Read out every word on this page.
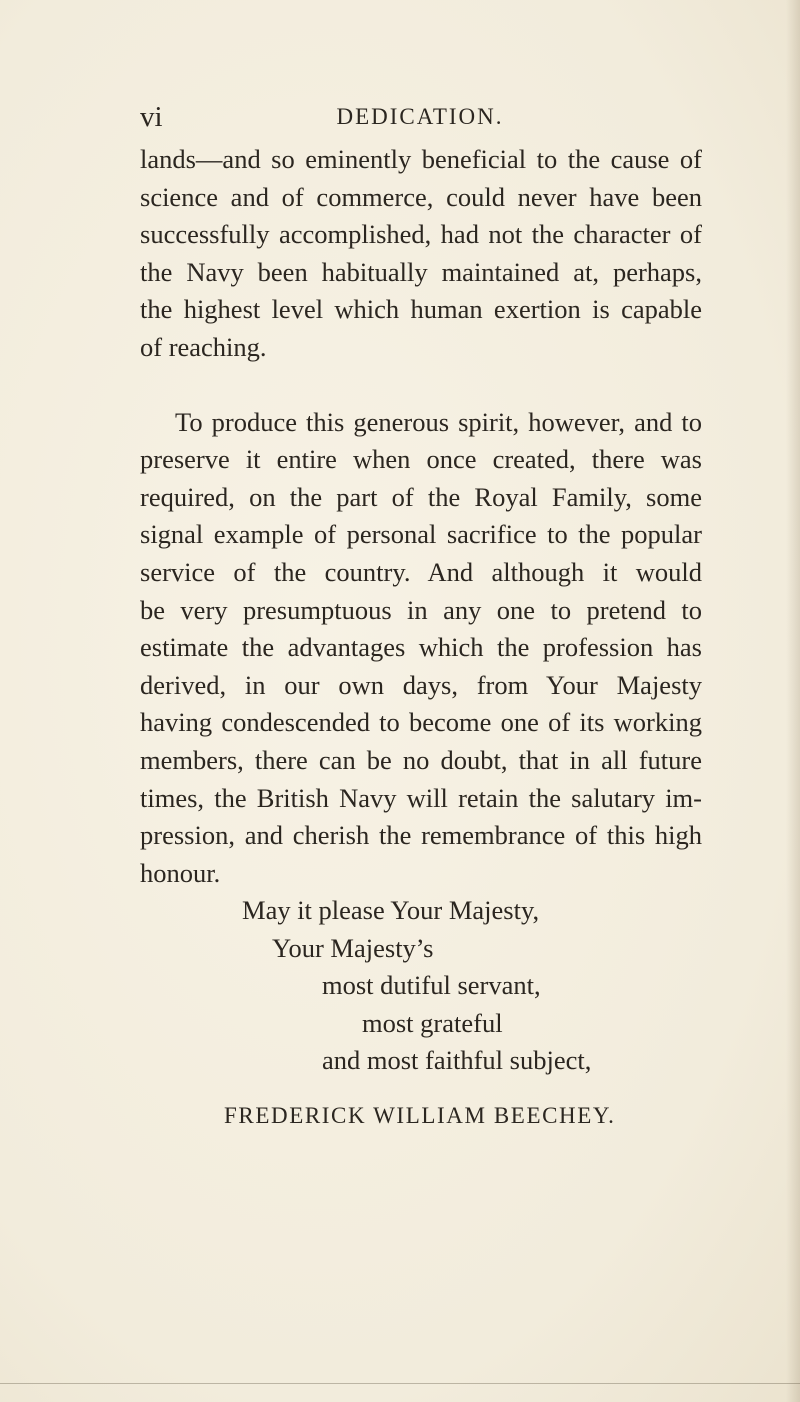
vi	DEDICATION.

lands—and so eminently beneficial to the cause of
science and of commerce, could never have been
successfully accomplished, had not the character of
the Navy been habitually maintained at, perhaps,
the highest level which human exertion is capable
of reaching.

To produce this generous spirit, however, and to
preserve it entire when once created, there was
required, on the part of the Royal Family, some
signal example of personal sacrifice to the popular
service of the country. And although it would
be very presumptuous in any one to pretend to
estimate the advantages which the profession has
derived, in our own days, from Your Majesty
having condescended to become one of its working
members, there can be no doubt, that in all future
times, the British Navy will retain the salutary im-
pression, and cherish the remembrance of this high
honour.

May it please Your Majesty,
Your Majesty’s
most dutiful servant,
most grateful
and most faithful subject,
FREDERICK WILLIAM BEECHEY.
